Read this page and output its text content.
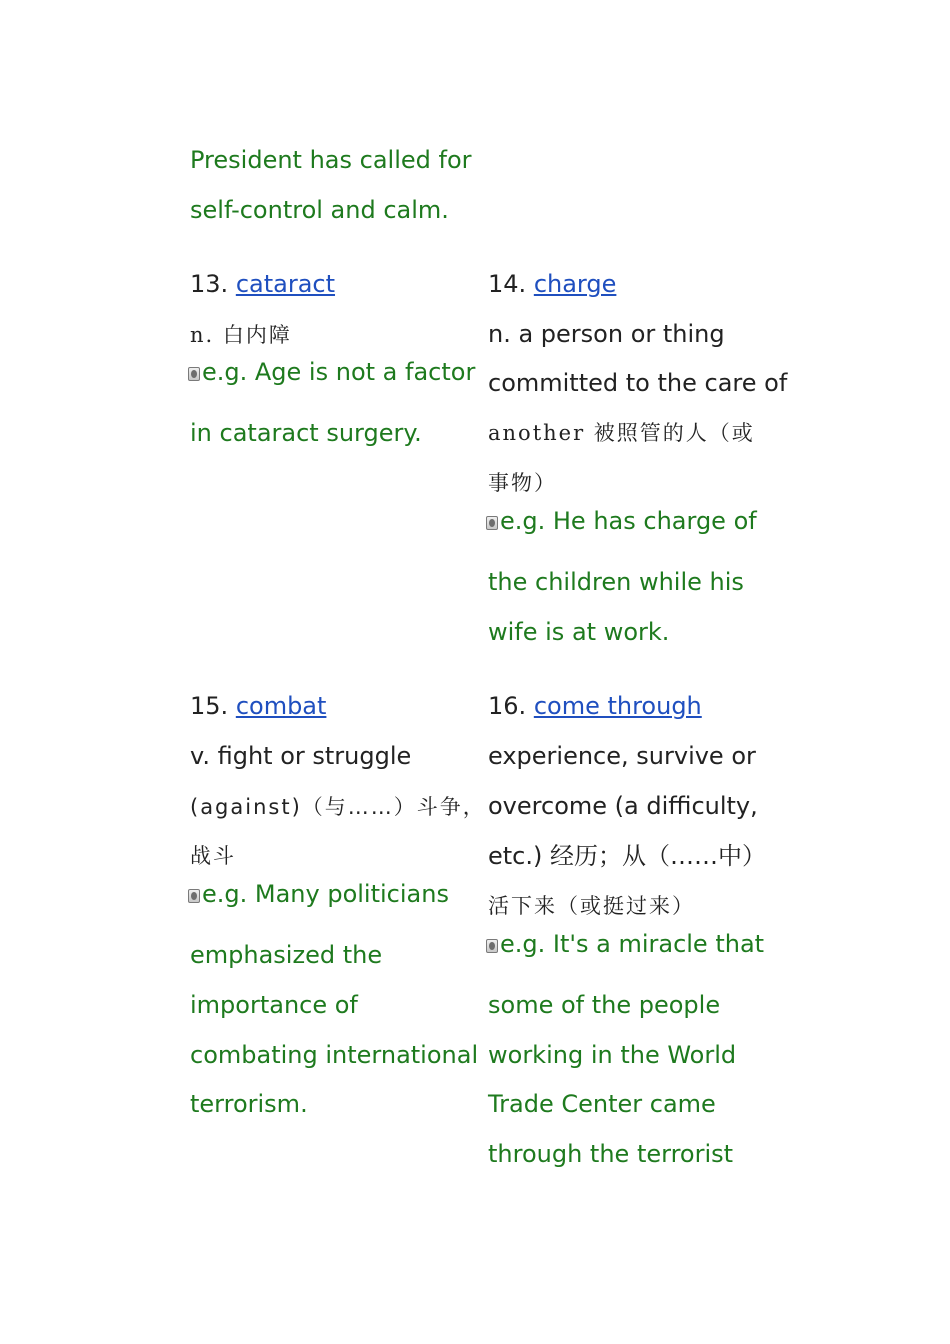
President has called for
self-control and calm.
13. cataract
n. 白内障
e.g. Age is not a factor
in cataract surgery.
14. charge
n. a person or thing
committed to the care of
another 被照管的人（或
事物）
e.g. He has charge of
the children while his
wife is at work.
15. combat
v. fight or struggle
(against)（与……）斗争，
战斗
e.g. Many politicians
emphasized the
importance of
combating international
terrorism.
16. come through
experience, survive or
overcome (a difficulty,
etc.) 经历；从（……中）
活下来（或挺过来）
e.g. It's a miracle that
some of the people
working in the World
Trade Center came
through the terrorist
